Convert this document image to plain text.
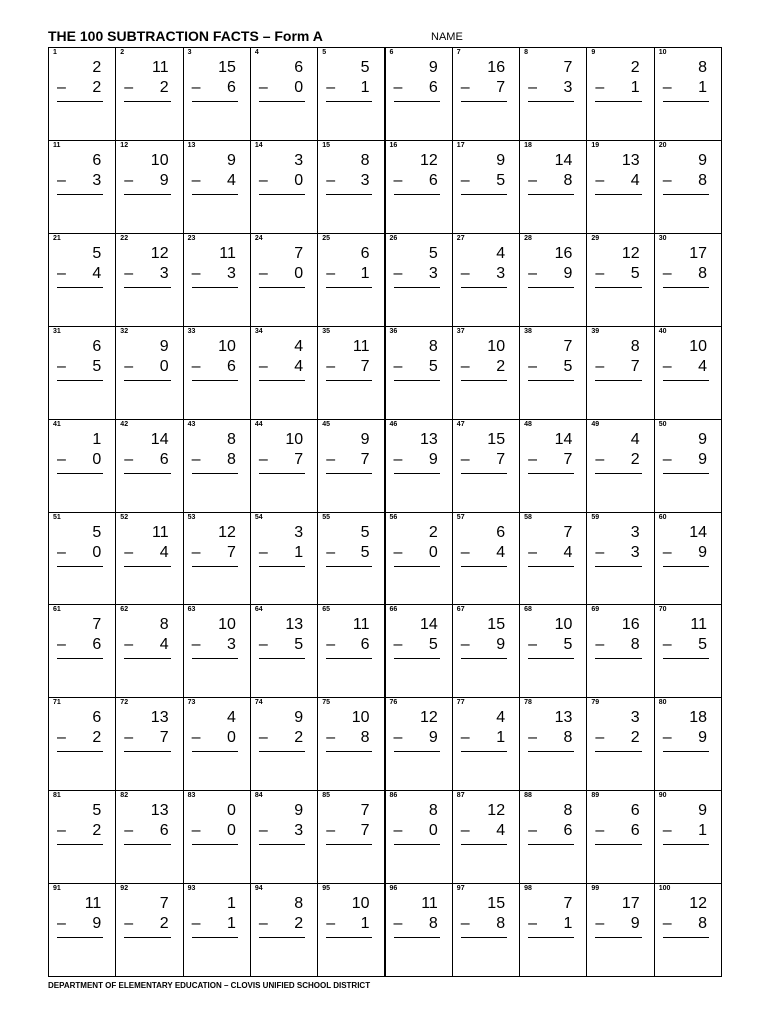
THE 100 SUBTRACTION FACTS – Form A	NAME
1
2
– 2
2
11
– 2
3
15
– 6
4
6
– 0
5
5
– 1
6
9
– 6
7
16
– 7
8
7
– 3
9
2
– 1
10
8
– 1
11
6
– 3
12
10
– 9
13
9
– 4
14
3
– 0
15
8
– 3
16
12
– 6
17
9
– 5
18
14
– 8
19
13
– 4
20
9
– 8
21
5
– 4
22
12
– 3
23
11
– 3
24
7
– 0
25
6
– 1
26
5
– 3
27
4
– 3
28
16
– 9
29
12
– 5
30
17
– 8
31
6
– 5
32
9
– 0
33
10
– 6
34
4
– 4
35
11
– 7
36
8
– 5
37
10
– 2
38
7
– 5
39
8
– 7
40
10
– 4
41
1
– 0
42
14
– 6
43
8
– 8
44
10
– 7
45
9
– 7
46
13
– 9
47
15
– 7
48
14
– 7
49
4
– 2
50
9
– 9
51
5
– 0
52
11
– 4
53
12
– 7
54
3
– 1
55
5
– 5
56
2
– 0
57
6
– 4
58
7
– 4
59
3
– 3
60
14
– 9
61
7
– 6
62
8
– 4
63
10
– 3
64
13
– 5
65
11
– 6
66
14
– 5
67
15
– 9
68
10
– 5
69
16
– 8
70
11
– 5
71
6
– 2
72
13
– 7
73
4
– 0
74
9
– 2
75
10
– 8
76
12
– 9
77
4
– 1
78
13
– 8
79
3
– 2
80
18
– 9
81
5
– 2
82
13
– 6
83
0
– 0
84
9
– 3
85
7
– 7
86
8
– 0
87
12
– 4
88
8
– 6
89
6
– 6
90
9
– 1
91
11
– 9
92
7
– 2
93
1
– 1
94
8
– 2
95
10
– 1
96
11
– 8
97
15
– 8
98
7
– 1
99
17
– 9
100
12
– 8
DEPARTMENT OF ELEMENTARY EDUCATION – CLOVIS UNIFIED SCHOOL DISTRICT
